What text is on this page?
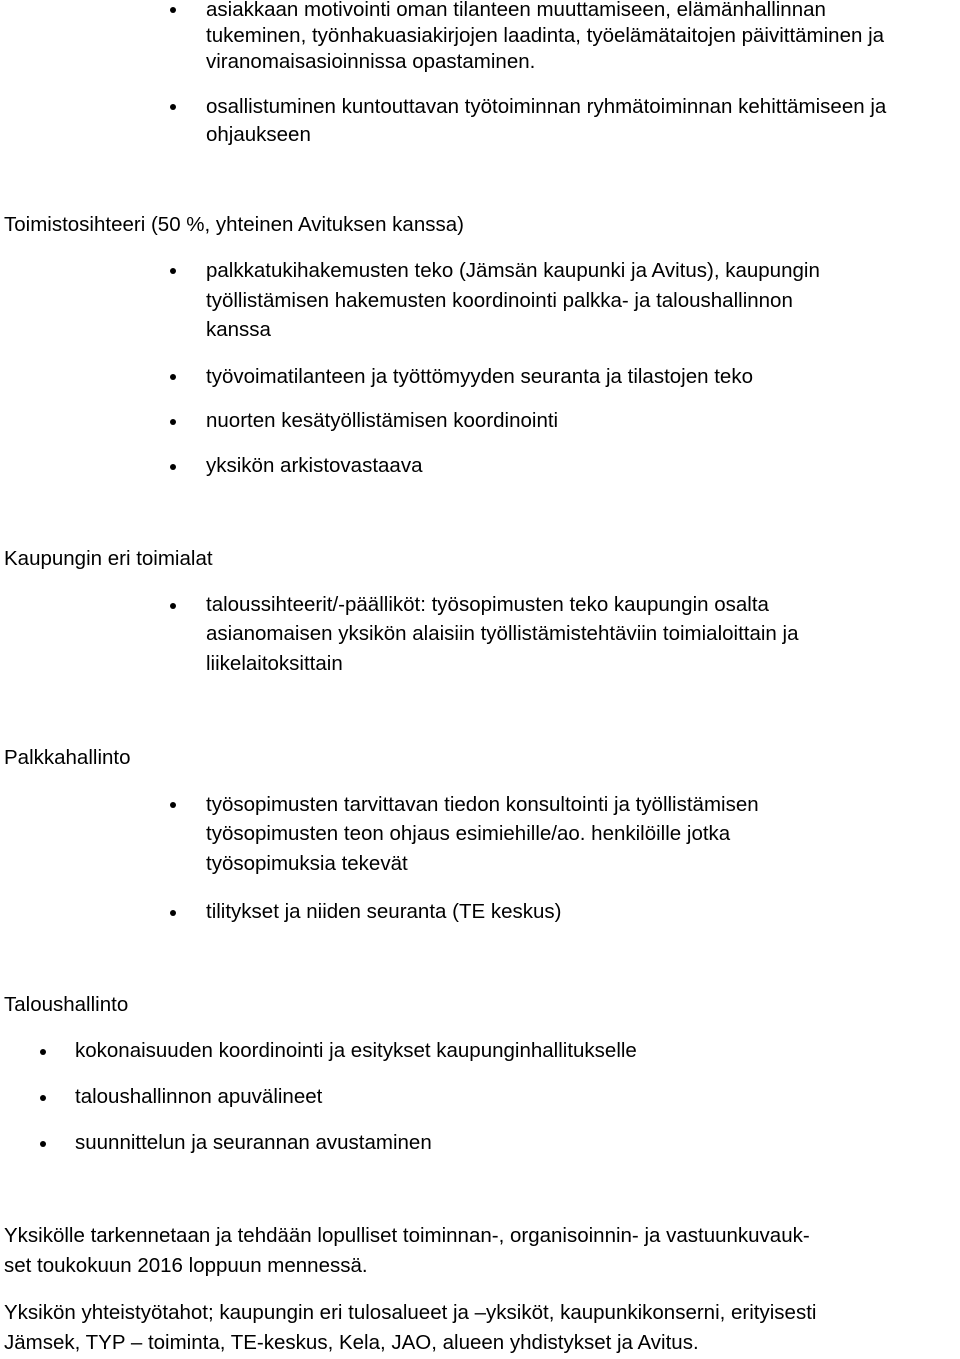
asiakkaan motivointi oman tilanteen muuttamiseen, elämänhallinnan
tukeminen, työnhakuasiakirjojen laadinta, työelämätaitojen päivittäminen ja
viranomaisasioinnissa opastaminen.
osallistuminen kuntouttavan työtoiminnan ryhmätoiminnan kehittämiseen ja
ohjaukseen
Toimistosihteeri (50 %, yhteinen Avituksen kanssa)
palkkatukihakemusten teko (Jämsän kaupunki ja Avitus), kaupungin
työllistämisen hakemusten koordinointi palkka- ja taloushallinnon
kanssa
työvoimatilanteen ja työttömyyden seuranta ja tilastojen teko
nuorten kesätyöllistämisen koordinointi
yksikön arkistovastaava
Kaupungin eri toimialat
taloussihteerit/-päälliköt: työsopimusten teko kaupungin osalta
asianomaisen yksikön alaisiin työllistämistehtäviin toimialoittain ja
liikelaitoksittain
Palkkahallinto
työsopimusten tarvittavan tiedon konsultointi ja työllistämisen
työsopimusten teon ohjaus esimiehille/ao. henkilöille jotka
työsopimuksia tekevät
tilitykset ja niiden seuranta (TE keskus)
Taloushallinto
kokonaisuuden koordinointi ja esitykset kaupunginhallitukselle
taloushallinnon apuvälineet
suunnittelun ja seurannan avustaminen
Yksikölle tarkennetaan ja tehdään lopulliset toiminnan-, organisoinnin- ja vastuunkuvauk-
set toukokuun 2016 loppuun mennessä.
Yksikön yhteistyötahot; kaupungin eri tulosalueet ja –yksiköt, kaupunkikonserni, erityisesti
Jämsek, TYP – toiminta, TE-keskus, Kela, JAO, alueen yhdistykset ja Avitus.
